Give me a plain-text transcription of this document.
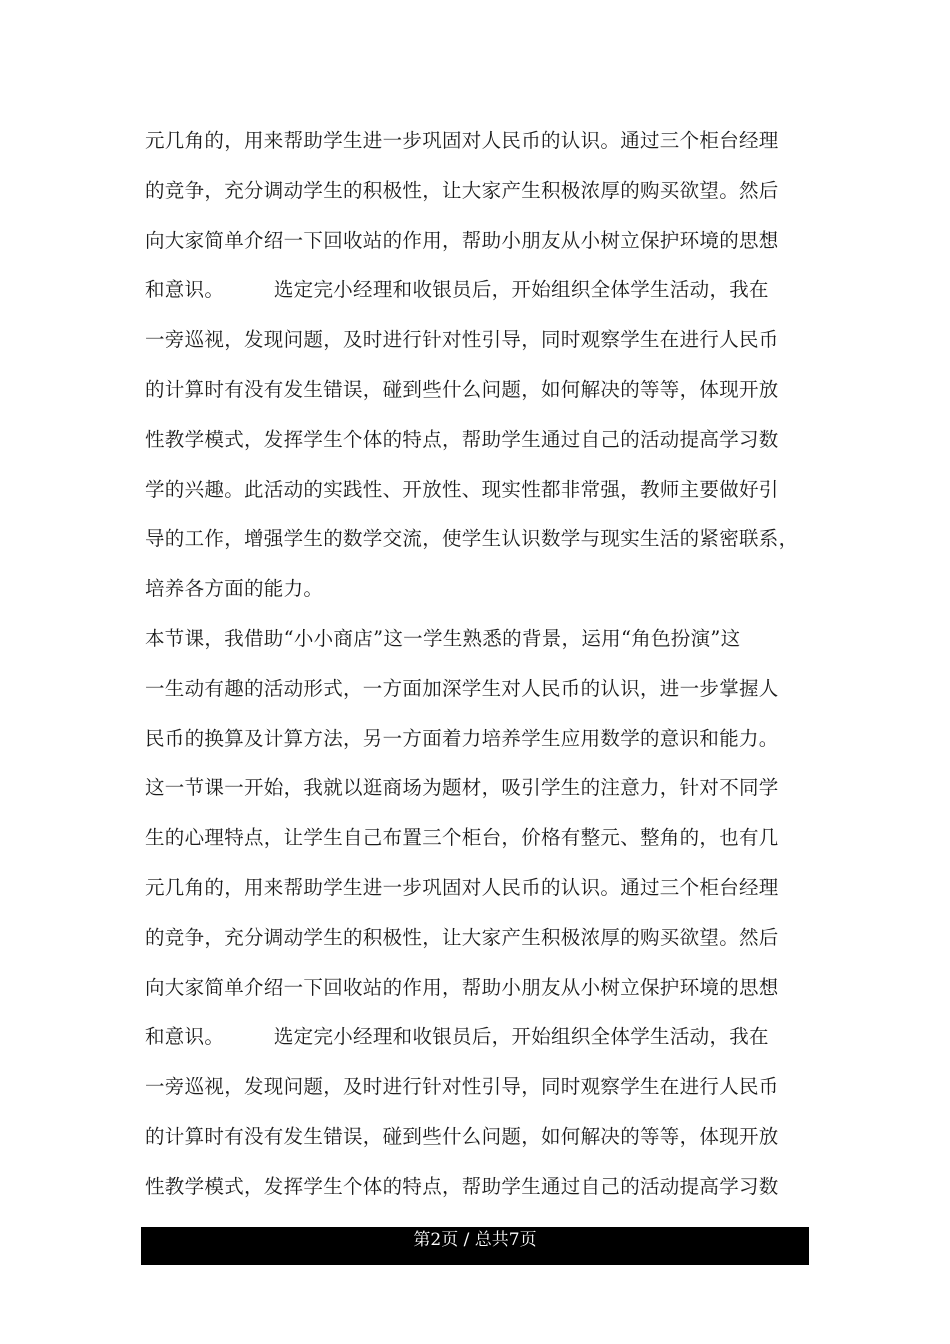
元几角的，用来帮助学生进一步巩固对人民币的认识。通过三个柜台经理
的竞争，充分调动学生的积极性，让大家产生积极浓厚的购买欲望。然后
向大家简单介绍一下回收站的作用，帮助小朋友从小树立保护环境的思想
和意识。　　　选定完小经理和收银员后，开始组织全体学生活动，我在
一旁巡视，发现问题，及时进行针对性引导，同时观察学生在进行人民币
的计算时有没有发生错误，碰到些什么问题，如何解决的等等，体现开放
性教学模式，发挥学生个体的特点，帮助学生通过自己的活动提高学习数
学的兴趣。此活动的实践性、开放性、现实性都非常强，教师主要做好引
导的工作，增强学生的数学交流，使学生认识数学与现实生活的紧密联系，
培养各方面的能力。
本节课，我借助“小小商店”这一学生熟悉的背景，运用“角色扮演”这
一生动有趣的活动形式，一方面加深学生对人民币的认识，进一步掌握人
民币的换算及计算方法，另一方面着力培养学生应用数学的意识和能力。
这一节课一开始，我就以逛商场为题材，吸引学生的注意力，针对不同学
生的心理特点，让学生自己布置三个柜台，价格有整元、整角的，也有几
元几角的，用来帮助学生进一步巩固对人民币的认识。通过三个柜台经理
的竞争，充分调动学生的积极性，让大家产生积极浓厚的购买欲望。然后
向大家简单介绍一下回收站的作用，帮助小朋友从小树立保护环境的思想
和意识。　　　选定完小经理和收银员后，开始组织全体学生活动，我在
一旁巡视，发现问题，及时进行针对性引导，同时观察学生在进行人民币
的计算时有没有发生错误，碰到些什么问题，如何解决的等等，体现开放
性教学模式，发挥学生个体的特点，帮助学生通过自己的活动提高学习数
第2页 / 总共7页
